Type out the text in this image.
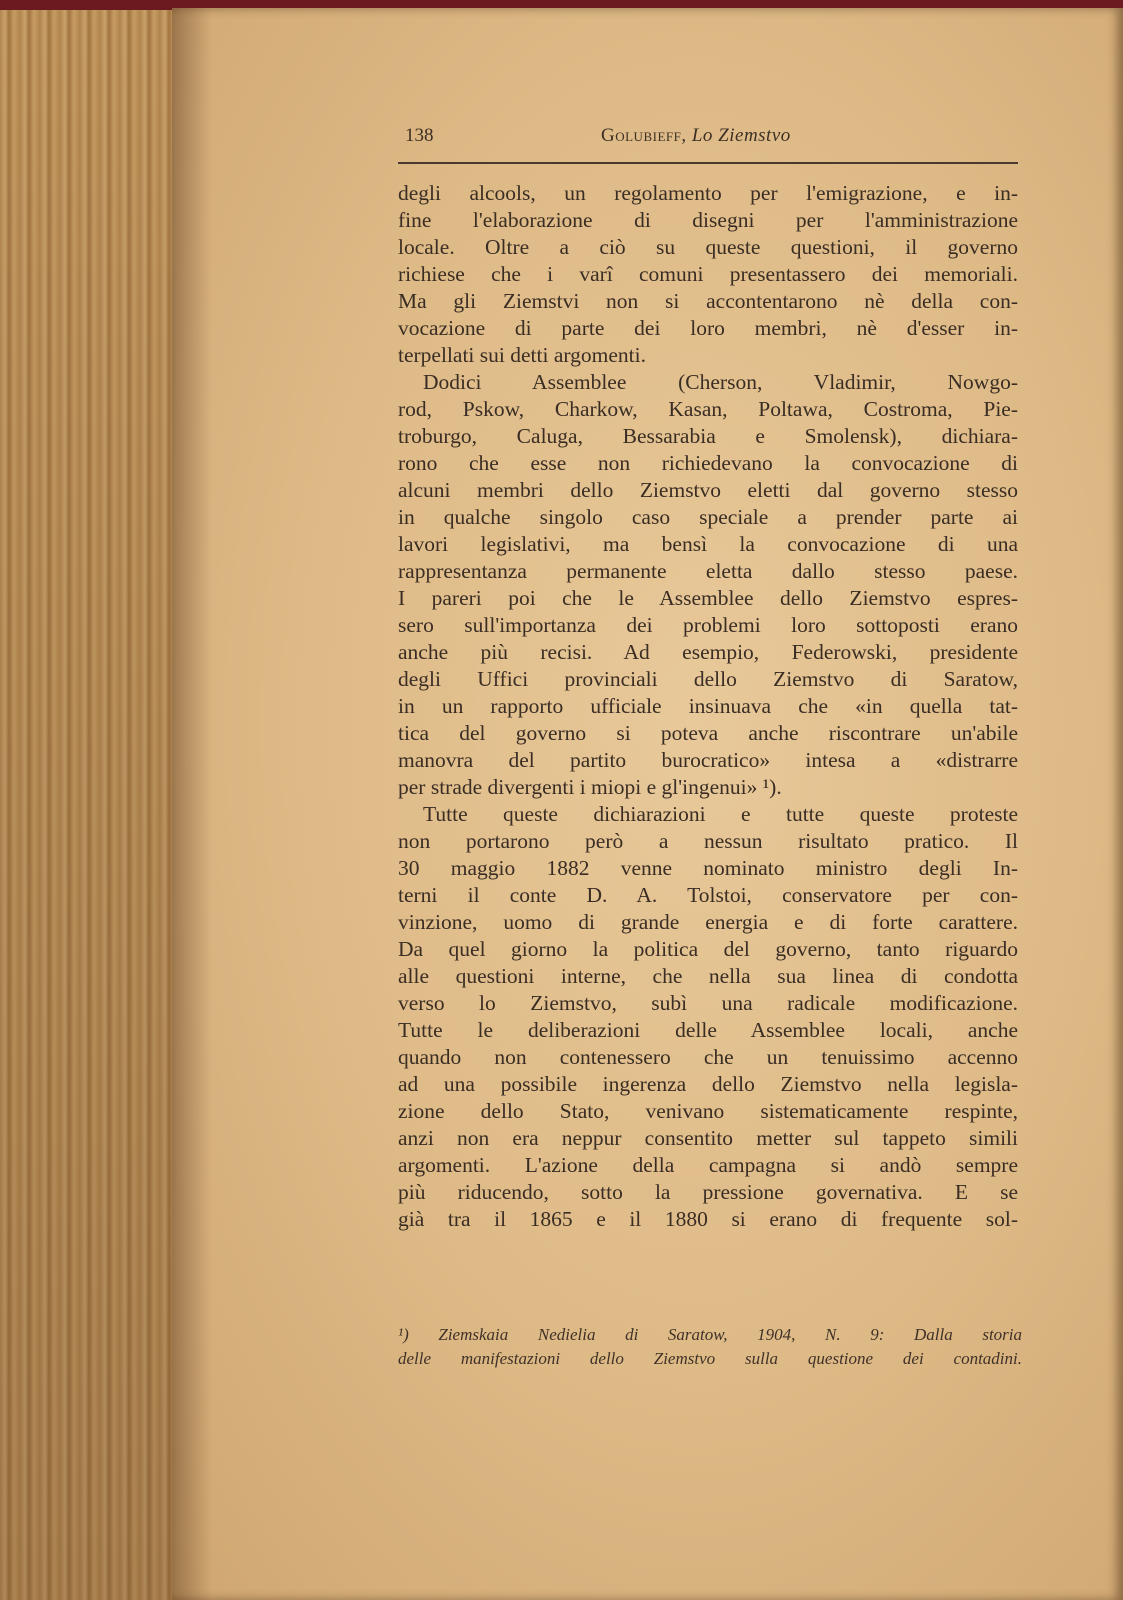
138	Golubieff, Lo Ziemstvo
degli alcools, un regolamento per l'emigrazione, e in-
fine l'elaborazione di disegni per l'amministrazione
locale. Oltre a ciò su queste questioni, il governo
richiese che i varî comuni presentassero dei memoriali.
Ma gli Ziemstvi non si accontentarono nè della con-
vocazione di parte dei loro membri, nè d'esser in-
terpellati sui detti argomenti.
Dodici Assemblee (Cherson, Vladimir, Nowgo-
rod, Pskow, Charkow, Kasan, Poltawa, Costroma, Pie-
troburgo, Caluga, Bessarabia e Smolensk), dichiara-
rono che esse non richiedevano la convocazione di
alcuni membri dello Ziemstvo eletti dal governo stesso
in qualche singolo caso speciale a prender parte ai
lavori legislativi, ma bensì la convocazione di una
rappresentanza permanente eletta dallo stesso paese.
I pareri poi che le Assemblee dello Ziemstvo espres-
sero sull'importanza dei problemi loro sottoposti erano
anche più recisi. Ad esempio, Federowski, presidente
degli Uffici provinciali dello Ziemstvo di Saratow,
in un rapporto ufficiale insinuava che «in quella tat-
tica del governo si poteva anche riscontrare un'abile
manovra del partito burocratico» intesa a «distrarre
per strade divergenti i miopi e gl'ingenui» ¹).
Tutte queste dichiarazioni e tutte queste proteste
non portarono però a nessun risultato pratico. Il
30 maggio 1882 venne nominato ministro degli In-
terni il conte D. A. Tolstoi, conservatore per con-
vinzione, uomo di grande energia e di forte carattere.
Da quel giorno la politica del governo, tanto riguardo
alle questioni interne, che nella sua linea di condotta
verso lo Ziemstvo, subì una radicale modificazione.
Tutte le deliberazioni delle Assemblee locali, anche
quando non contenessero che un tenuissimo accenno
ad una possibile ingerenza dello Ziemstvo nella legisla-
zione dello Stato, venivano sistematicamente respinte,
anzi non era neppur consentito metter sul tappeto simili
argomenti. L'azione della campagna si andò sempre
più riducendo, sotto la pressione governativa. E se
già tra il 1865 e il 1880 si erano di frequente sol-
¹) Ziemskaia Nedielia di Saratow, 1904, N. 9: Dalla storia
delle manifestazioni dello Ziemstvo sulla questione dei contadini.
